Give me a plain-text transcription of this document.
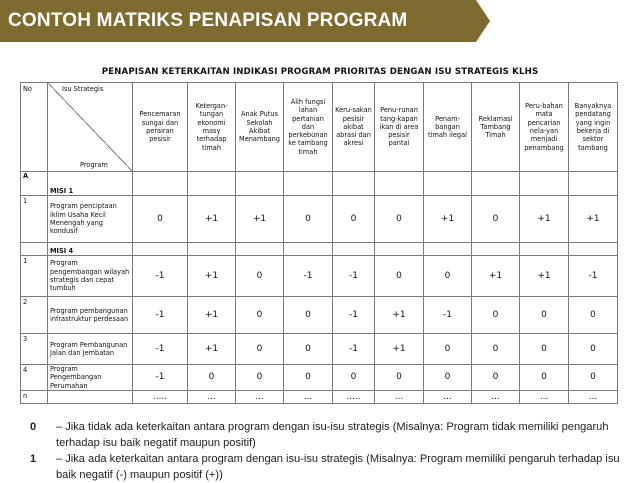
CONTOH MATRIKS PENAPISAN PROGRAM
PENAPISAN KETERKAITAN INDIKASI PROGRAM PRIORITAS DENGAN ISU STRATEGIS KLHS
No	Isu Strategis
Program	Pencemaran sungai dan perairan pesisir	Ketergan-tungan ekonomi masy terhadap timah	Anak Putus Sekolah Akibat Menambang	Alih fungsi lahan pertanian dan perkebunan ke tambang timah	Keru-sakan pesisir akibat abrasi dan akresi	Penu-runan tang-kapan ikan di area pesisir pantai	Penam-bangan timah ilegal	Reklamasi Tambang Timah	Peru-bahan mata pencarian nela-yan menjadi penambang	Banyaknya pendatang yang ingin bekerja di sektor tambang
A	MISI 1										
1	Program penciptaan iklim Usaha Kecil Menengah yang kondusif	0	+1	+1	0	0	0	+1	0	+1	+1
	MISI 4										
1	Program pengembangan wilayah strategis dan cepat tumbuh	-1	+1	0	-1	-1	0	0	+1	+1	-1
2	Program pembangunan infrastruktur perdesaan	-1	+1	0	0	-1	+1	-1	0	0	0
3	Program Pembangunan Jalan dan Jembatan	-1	+1	0	0	-1	+1	0	0	0	0
4	Program Pengembangan Perumahan	-1	0	0	0	0	0	0	0	0	0
n		.....	...	...	...	.....	...	...	...	...	...
0 – Jika tidak ada keterkaitan antara program dengan isu-isu strategis (Misalnya: Program tidak memiliki pengaruh terhadap isu baik negatif maupun positif)
1 – Jika ada keterkaitan antara program dengan isu-isu strategis (Misalnya: Program memiliki pengaruh terhadap isu baik negatif (-) maupun positif (+))
